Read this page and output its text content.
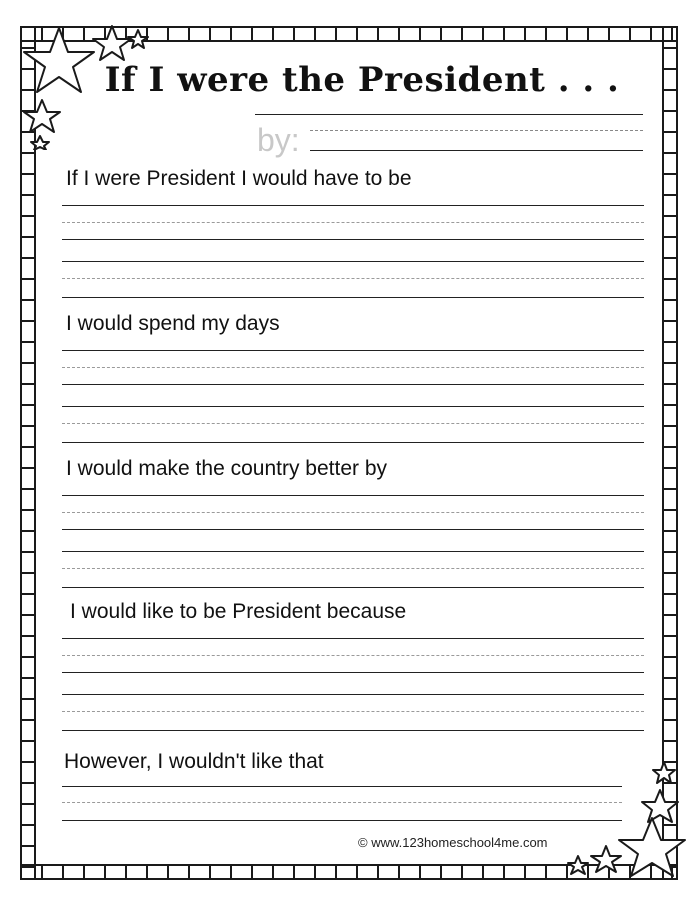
If I were the President . . .
by:
If I were President I would have to be
I would spend my days
I would make the country better by
I would like to be President because
However, I wouldn't like that
© www.123homeschool4me.com
